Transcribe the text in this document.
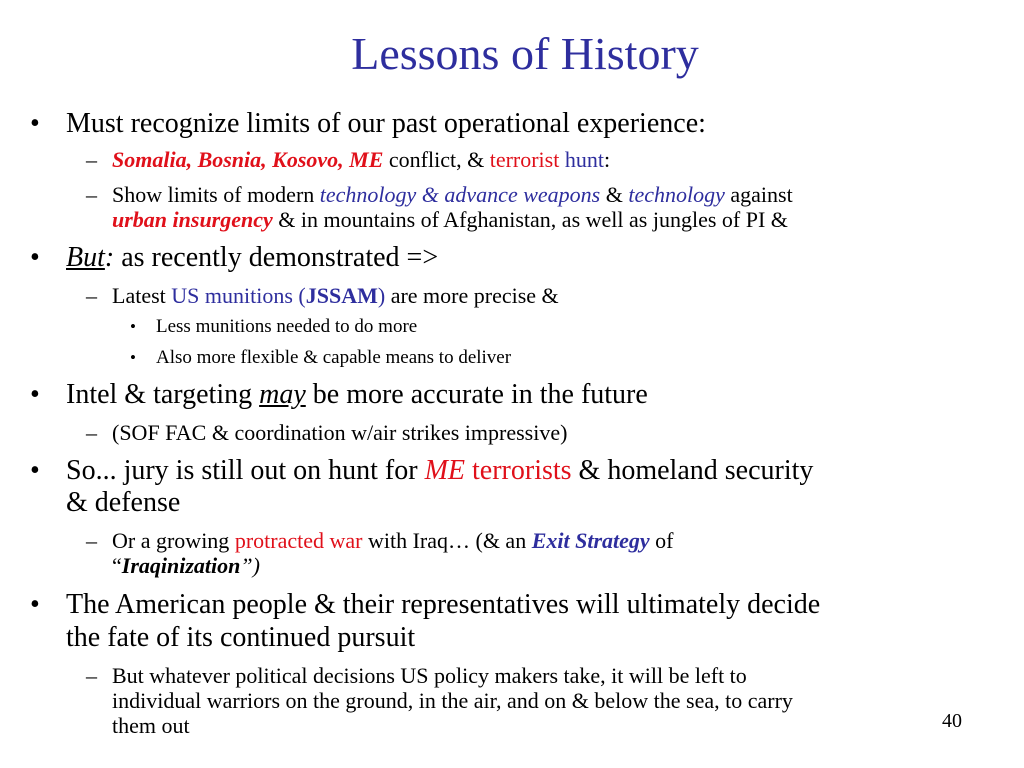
Lessons of History
• Must recognize limits of our past operational experience:
– Somalia, Bosnia, Kosovo, ME conflict, & terrorist hunt:
– Show limits of modern technology & advance weapons & technology against
urban insurgency & in mountains of Afghanistan, as well as jungles of PI &
• But: as recently demonstrated =>
– Latest US munitions (JSSAM) are more precise &
• Less munitions needed to do more
• Also more flexible & capable means to deliver
• Intel & targeting may be more accurate in the future
– (SOF FAC & coordination w/air strikes impressive)
• So... jury is still out on hunt for ME terrorists & homeland security
& defense
– Or a growing protracted war with Iraq… (& an Exit Strategy of
“Iraqinization”)
• The American people & their representatives will ultimately decide
the fate of its continued pursuit
– But whatever political decisions US policy makers take, it will be left to
individual warriors on the ground, in the air, and on & below the sea, to carry
them out	40
